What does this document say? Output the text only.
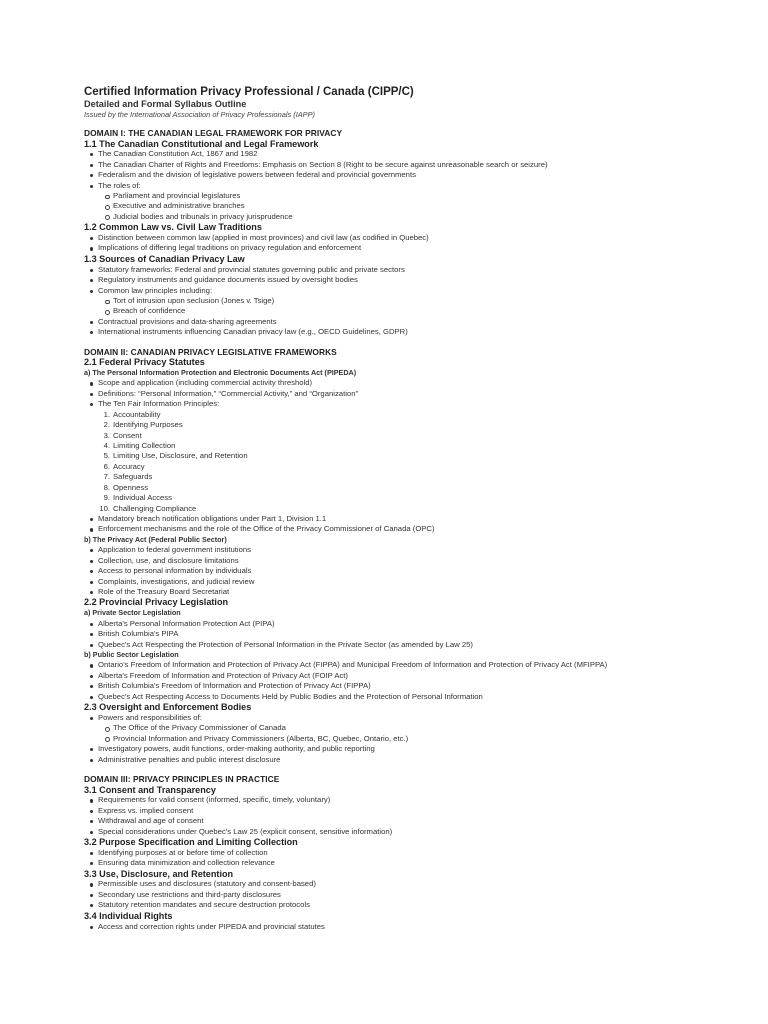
Certified Information Privacy Professional / Canada (CIPP/C)

Detailed and Formal Syllabus Outline

Issued by the International Association of Privacy Professionals (IAPP)

DOMAIN I: THE CANADIAN LEGAL FRAMEWORK FOR PRIVACY

1.1 The Canadian Constitutional and Legal Framework

The Canadian Constitution Act, 1867 and 1982
The Canadian Charter of Rights and Freedoms: Emphasis on Section 8 (Right to be secure against unreasonable search or seizure)
Federalism and the division of legislative powers between federal and provincial governments
The roles of:
Parliament and provincial legislatures
Executive and administrative branches
Judicial bodies and tribunals in privacy jurisprudence

1.2 Common Law vs. Civil Law Traditions

Distinction between common law (applied in most provinces) and civil law (as codified in Quebec)
Implications of differing legal traditions on privacy regulation and enforcement

1.3 Sources of Canadian Privacy Law

Statutory frameworks: Federal and provincial statutes governing public and private sectors
Regulatory instruments and guidance documents issued by oversight bodies
Common law principles including:
Tort of intrusion upon seclusion (Jones v. Tsige)
Breach of confidence
Contractual provisions and data-sharing agreements
International instruments influencing Canadian privacy law (e.g., OECD Guidelines, GDPR)

DOMAIN II: CANADIAN PRIVACY LEGISLATIVE FRAMEWORKS

2.1 Federal Privacy Statutes

a) The Personal Information Protection and Electronic Documents Act (PIPEDA)

Scope and application (including commercial activity threshold)
Definitions: “Personal Information,” “Commercial Activity,” and “Organization”
The Ten Fair Information Principles:
1. Accountability
2. Identifying Purposes
3. Consent
4. Limiting Collection
5. Limiting Use, Disclosure, and Retention
6. Accuracy
7. Safeguards
8. Openness
9. Individual Access
10. Challenging Compliance
Mandatory breach notification obligations under Part 1, Division 1.1
Enforcement mechanisms and the role of the Office of the Privacy Commissioner of Canada (OPC)

b) The Privacy Act (Federal Public Sector)

Application to federal government institutions
Collection, use, and disclosure limitations
Access to personal information by individuals
Complaints, investigations, and judicial review
Role of the Treasury Board Secretariat

2.2 Provincial Privacy Legislation

a) Private Sector Legislation

Alberta's Personal Information Protection Act (PIPA)
British Columbia's PIPA
Quebec's Act Respecting the Protection of Personal Information in the Private Sector (as amended by Law 25)

b) Public Sector Legislation

Ontario's Freedom of Information and Protection of Privacy Act (FIPPA) and Municipal Freedom of Information and Protection of Privacy Act (MFIPPA)
Alberta's Freedom of Information and Protection of Privacy Act (FOIP Act)
British Columbia's Freedom of Information and Protection of Privacy Act (FIPPA)
Quebec's Act Respecting Access to Documents Held by Public Bodies and the Protection of Personal Information

2.3 Oversight and Enforcement Bodies

Powers and responsibilities of:
The Office of the Privacy Commissioner of Canada
Provincial Information and Privacy Commissioners (Alberta, BC, Quebec, Ontario, etc.)
Investigatory powers, audit functions, order-making authority, and public reporting
Administrative penalties and public interest disclosure

DOMAIN III: PRIVACY PRINCIPLES IN PRACTICE

3.1 Consent and Transparency

Requirements for valid consent (informed, specific, timely, voluntary)
Express vs. implied consent
Withdrawal and age of consent
Special considerations under Quebec's Law 25 (explicit consent, sensitive information)

3.2 Purpose Specification and Limiting Collection

Identifying purposes at or before time of collection
Ensuring data minimization and collection relevance

3.3 Use, Disclosure, and Retention

Permissible uses and disclosures (statutory and consent-based)
Secondary use restrictions and third-party disclosures
Statutory retention mandates and secure destruction protocols

3.4 Individual Rights

Access and correction rights under PIPEDA and provincial statutes
